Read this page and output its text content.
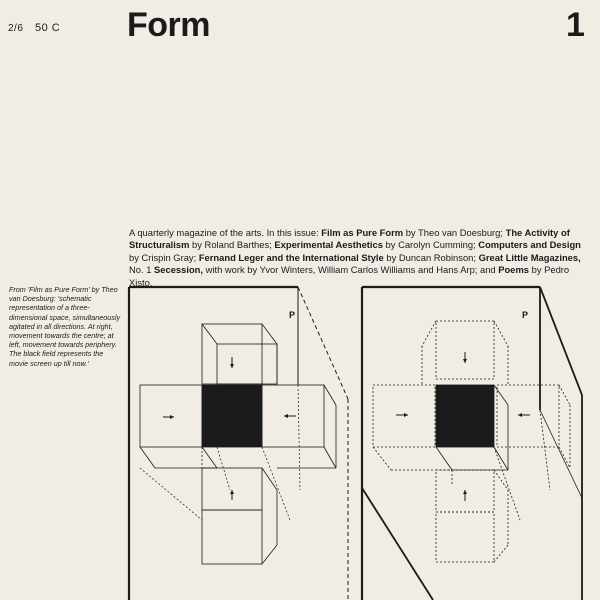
2/6 50 C Form	1
A quarterly magazine of the arts. In this issue: Film as Pure Form by Theo van Doesburg; The Activity of Structuralism by Roland Barthes; Experimental Aesthetics by Carolyn Cumming; Computers and Design by Crispin Gray; Fernand Leger and the International Style by Duncan Robinson; Great Little Magazines, No. 1 Secession, with work by Yvor Winters, William Carlos Williams and Hans Arp; and Poems by Pedro Xisto.
From 'Film as Pure Form' by Theo van Doesburg: 'schematic representation of a three-dimensional space, simultaneously agitated in all directions. At right, movement towards the centre; at left, movement towards periphery. The black field represents the movie screen up till now.'
P	P
